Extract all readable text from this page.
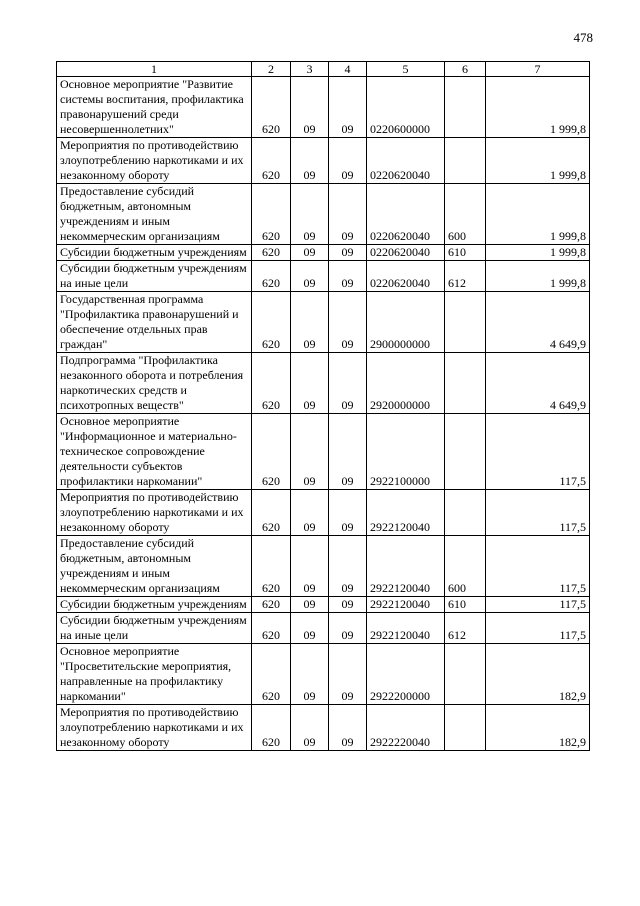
478
1	2	3	4	5	6	7
Основное мероприятие "Развитие системы воспитания, профилактика правонарушений среди несовершеннолетних"	620	09	09	0220600000		1 999,8
Мероприятия по противодействию злоупотреблению наркотиками и их незаконному обороту	620	09	09	0220620040		1 999,8
Предоставление субсидий бюджетным, автономным учреждениям и иным некоммерческим организациям	620	09	09	0220620040	600	1 999,8
Субсидии бюджетным учреждениям	620	09	09	0220620040	610	1 999,8
Субсидии бюджетным учреждениям на иные цели	620	09	09	0220620040	612	1 999,8
Государственная программа "Профилактика правонарушений и обеспечение отдельных прав граждан"	620	09	09	2900000000		4 649,9
Подпрограмма "Профилактика незаконного оборота и потребления наркотических средств и психотропных веществ"	620	09	09	2920000000		4 649,9
Основное мероприятие "Информационное и материально-техническое сопровождение деятельности субъектов профилактики наркомании"	620	09	09	2922100000		117,5
Мероприятия по противодействию злоупотреблению наркотиками и их незаконному обороту	620	09	09	2922120040		117,5
Предоставление субсидий бюджетным, автономным учреждениям и иным некоммерческим организациям	620	09	09	2922120040	600	117,5
Субсидии бюджетным учреждениям	620	09	09	2922120040	610	117,5
Субсидии бюджетным учреждениям на иные цели	620	09	09	2922120040	612	117,5
Основное мероприятие "Просветительские мероприятия, направленные на профилактику наркомании"	620	09	09	2922200000		182,9
Мероприятия по противодействию злоупотреблению наркотиками и их незаконному обороту	620	09	09	2922220040		182,9
